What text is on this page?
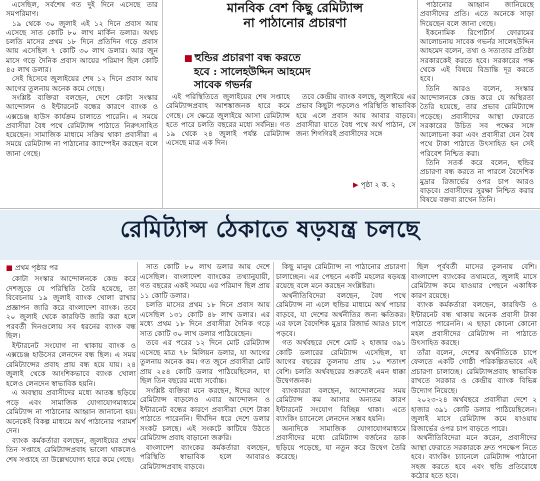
এসেছিল, সর্বশেষ গত দুই দিনে এসেছে তার সমপরিমাণ।

১৯ থেকে ৩০ জুলাই এই ১২ দিনে প্রবাস আয় এসেছে সাত কোটি ৮০ লাখ মার্কিন ডলার। অথচ চলতি মাসের প্রথম ১৮ দিনে প্রতিদিন গড়ে প্রবাস আয় এসেছিল ৭ কোটি ৩০ লাখ ডলার। আর জুন মাসে গড়ে দৈনিক প্রবাস আয়ের পরিমাণ ছিল কোটি ৪৫ লাখ ডলার।

সেই হিসেবে জুলাইয়ের শেষ ১২ দিনে প্রবাস আয় আগের তুলনায় অনেক কমে গেছে।

সংশ্লিষ্ট ব্যক্তিরা বলছেন, দেশে কোটা সংস্কার আন্দোলন ও ইন্টারনেট বন্ধের কারণে ব্যাংক ও এক্সচেঞ্জ হাউস কার্যক্রম চালাতে পারেনি। এ সময়ে প্রবাসীরা বৈধ পথে রেমিট্যান্স পাঠাতে নিরুৎসাহিত হয়েছেন। সামাজিক মাধ্যমে সক্রিয় থাকা প্রবাসীরা এ সময়ে রেমিট্যান্স না পাঠানোর ক্যাম্পেইন করছেন বলে জানা গেছে।

মানবিক বেশ কিছু রেমিট্যান্স
না পাঠানোর প্রচারণা
■ হুন্ডির প্রচারণা বন্ধ করতে
হবে : সালেহউদ্দিন আহমেদ
সাবেক গভর্নর

এই পরিস্থিতিতে জুলাইয়ের শেষ সপ্তাহে রেমিট্যান্সপ্রবাহ আশঙ্কাজনক হারে কমে গেছে। সে ক্ষেত্রে জুলাইয়ে আসা রেমিট্যান্স হতে পারে চলতি বছরের মধ্যে সর্বনিম্ন। গত ১৯ থেকে ২৪ জুলাই পর্যন্ত রেমিট্যান্স এসেছে মাত্র এক দিন।

তবে কেন্দ্রীয় ব্যাংক বলছে, জুলাইয়ে এর প্রভাব কিছুটা পড়লেও পরিস্থিতি স্বাভাবিক হয়ে এলে প্রবাস আয় আবার বাড়বে। প্রবাসীরা যাতে বৈধ পথে অর্থ পাঠান, সে জন্য শিগগিরই প্রবাসীদের সঙ্গে

▶ পৃষ্ঠা ২ ক. ২

পাঠানোর আহ্বান জানিয়েছে প্রবাসীদের প্রতি। এতে অনেকে সাড়া দিয়েছেন বলে জানা গেছে।

ইকনোমিক রিপোর্টার্স ফোরামের আলোচনায় সাবেক গভর্নর সালেহউদ্দিন আহমেদ বলেন, তথ্য ও সত্যতার প্রতিষ্ঠা সরকারকেই করতে হবে। সরকারের পক্ষ থেকে এই বিষয়ে বিভ্রান্তি দূর করতে হবে।

তিনি আরও বলেন, সংস্কার আন্দোলনকে কেন্দ্র করে যে অস্থিরতা তৈরি হয়েছে, তার প্রভাব রেমিট্যান্সে পড়েছে। প্রবাসীদের আস্থা ফেরাতে সরকারের উচিত সব পক্ষের সঙ্গে আলোচনা করা এবং প্রবাসীরা যেন বৈধ পথে টাকা পাঠাতে উৎসাহিত হন সেই পরিবেশ নিশ্চিত করা।

তিনি সতর্ক করে বলেন, হুন্ডির প্রচারণা বন্ধ করতে না পারলে বৈদেশিক মুদ্রার রিজার্ভের ওপর চাপ আরও বাড়বে। প্রবাসীদের সুরক্ষা নিশ্চিত করার বিষয়ে বক্তব্য রাখেন তিনি।

রেমিট্যান্স ঠেকাতে ষড়যন্ত্র চলছে
■ প্রথম পৃষ্ঠার পর

কোটা সংস্কার আন্দোলনকে কেন্দ্র করে দেশজুড়ে যে পরিস্থিতি তৈরি হয়েছে, তা বিবেচনায় ১৯ জুলাই ব্যাংক খোলা রাখার প্রজ্ঞাপন জারি করে বাংলাদেশ ব্যাংক। তবে ২০ জুলাই থেকে কারফিউ জারি করা হলে পরবর্তী দিনগুলোয় সব ধরনের ব্যাংক বন্ধ ছিল।

ইন্টারনেট সংযোগ না থাকায় ব্যাংক ও এক্সচেঞ্জ হাউসের লেনদেন বন্ধ ছিল। এ সময় রেমিট্যান্সের প্রবাহ প্রায় বন্ধ হয়ে যায়। ২৪ জুলাই থেকে আংশিকভাবে ব্যাংক খোলা হলেও লেনদেন স্বাভাবিক হয়নি।

এ অবস্থায় প্রবাসীদের মধ্যে আতঙ্ক ছড়িয়ে পড়ে এবং সামাজিক যোগাযোগমাধ্যমে রেমিট্যান্স না পাঠানোর আহ্বান জানানো হয়। অনেকেই বিকল্প মাধ্যমে অর্থ পাঠানোর পরামর্শ দেন।

ব্যাংক কর্মকর্তারা বলছেন, জুলাইয়ের প্রথম তিন সপ্তাহে রেমিট্যান্সপ্রবাহ ভালো থাকলেও শেষ সপ্তাহে তা উল্লেখযোগ্য হারে কমে গেছে।

সাত কোটি ৮০ লাখ ডলার আয় দেশে এসেছিল। বাংলাদেশ ব্যাংকের তথ্যানুযায়ী, গত বছরের একই সময়ে এর পরিমাণ ছিল প্রায় ১১ কোটি ডলার।

চলতি মাসের প্রথম ১৮ দিনে প্রবাস আয় এসেছিল ১৩১ কোটি ৪৮ লাখ ডলার। এর মধ্যে প্রথম ১৮ দিনে প্রবাসীরা দৈনিক গড়ে সাত কোটি ৩০ লাখ ডলার পাঠিয়েছেন।

তবে এর পরের ১২ দিনে মোট রেমিট্যান্স এসেছে মাত্র ৭৮ মিলিয়ন ডলার, যা আগের তুলনায় অনেক কম। গত জুনে প্রবাসীরা মোট প্রায় ২৫৪ কোটি ডলার পাঠিয়েছিলেন, যা ছিল তিন বছরের মধ্যে সর্বোচ্চ।

সংশ্লিষ্ট ব্যক্তিরা মনে করছেন, ঈদের আগে রেমিট্যান্স বাড়লেও এবার আন্দোলন ও ইন্টারনেট বন্ধের কারণে প্রবাসীরা দেশে টাকা পাঠাতে পারেননি। দীর্ঘদিন ধরে দেশে ডলার সংকট চলছে। এই সংকটে কাটিয়ে উঠতে রেমিট্যান্স প্রবাহ বাড়ানো জরুরি।

বাংলাদেশ ব্যাংকের কর্মকর্তারা বলছেন, পরিস্থিতি স্বাভাবিক হলে আবারও রেমিট্যান্সপ্রবাহ বাড়বে।

কিছু মানুষ রেমিট্যান্স না পাঠানোর প্রচারণা চালাচ্ছেন। এর পেছনে একটি মহলের ষড়যন্ত্র রয়েছে বলে মনে করছেন সংশ্লিষ্টরা।

অর্থনীতিবিদেরা বলছেন, বৈধ পথে রেমিট্যান্স না এলে হুন্ডির মাধ্যমে অর্থ পাচার বাড়বে, যা দেশের অর্থনীতির জন্য ক্ষতিকর। এর ফলে বৈদেশিক মুদ্রার রিজার্ভ আরও চাপে পড়বে।

গত অর্থবছরে দেশে মোট ২ হাজার ৩৯১ কোটি ডলারের রেমিট্যান্স এসেছিল, যা আগের বছরের তুলনায় প্রায় ১০ শতাংশ বেশি। চলতি অর্থবছরের শুরুতেই এমন ধাক্কা উদ্বেগজনক।

ব্যাংকাররা বলছেন, আন্দোলনের সময় রেমিট্যান্স কম আসার অন্যতম কারণ ইন্টারনেট সংযোগ বিচ্ছিন্ন থাকা। এতে ব্যাংকিং চ্যানেলে লেনদেন সম্ভব হয়নি।

অন্যদিকে সামাজিক যোগাযোগমাধ্যমে প্রবাসীদের মধ্যে রেমিট্যান্স বর্জনের ডাক ছড়িয়ে পড়েছে, যা নতুন করে উদ্বেগ তৈরি করেছে।

ছিল পূর্ববর্তী মাসের তুলনায় বেশি। বাংলাদেশ ব্যাংকের তথ্যমতে, জুলাই মাসে রেমিট্যান্স কমে যাওয়ার পেছনে একাধিক কারণ রয়েছে।

ব্যাংক কর্মকর্তারা বলছেন, কারফিউ ও ইন্টারনেট বন্ধ থাকায় অনেক প্রবাসী টাকা পাঠাতে পারেননি। এ ছাড়া কোনো কোনো মহল প্রবাসীদের রেমিট্যান্স না পাঠাতে উৎসাহিত করছে।

তাঁরা বলেন, দেশের অর্থনীতিকে চাপে ফেলতে একটি গোষ্ঠী পরিকল্পিতভাবে এই প্রচারণা চালাচ্ছে। রেমিট্যান্সপ্রবাহ স্বাভাবিক রাখতে সরকার ও কেন্দ্রীয় ব্যাংক বিভিন্ন উদ্যোগ নিয়েছে।

২০২৩-২৪ অর্থবছরে প্রবাসীরা দেশে ২ হাজার ৩৯১ কোটি ডলার পাঠিয়েছিলেন। জুলাই মাসে রেমিট্যান্স কমে যাওয়ায় রিজার্ভের ওপর চাপ বাড়তে পারে।

অর্থনীতিবিদেরা মনে করেন, প্রবাসীদের আস্থা ফেরাতে সরকারকে দ্রুত পদক্ষেপ নিতে হবে। ব্যাংকিং চ্যানেলে রেমিট্যান্স পাঠানো সহজ করতে হবে এবং হুন্ডি প্রতিরোধে কঠোর হতে হবে।
